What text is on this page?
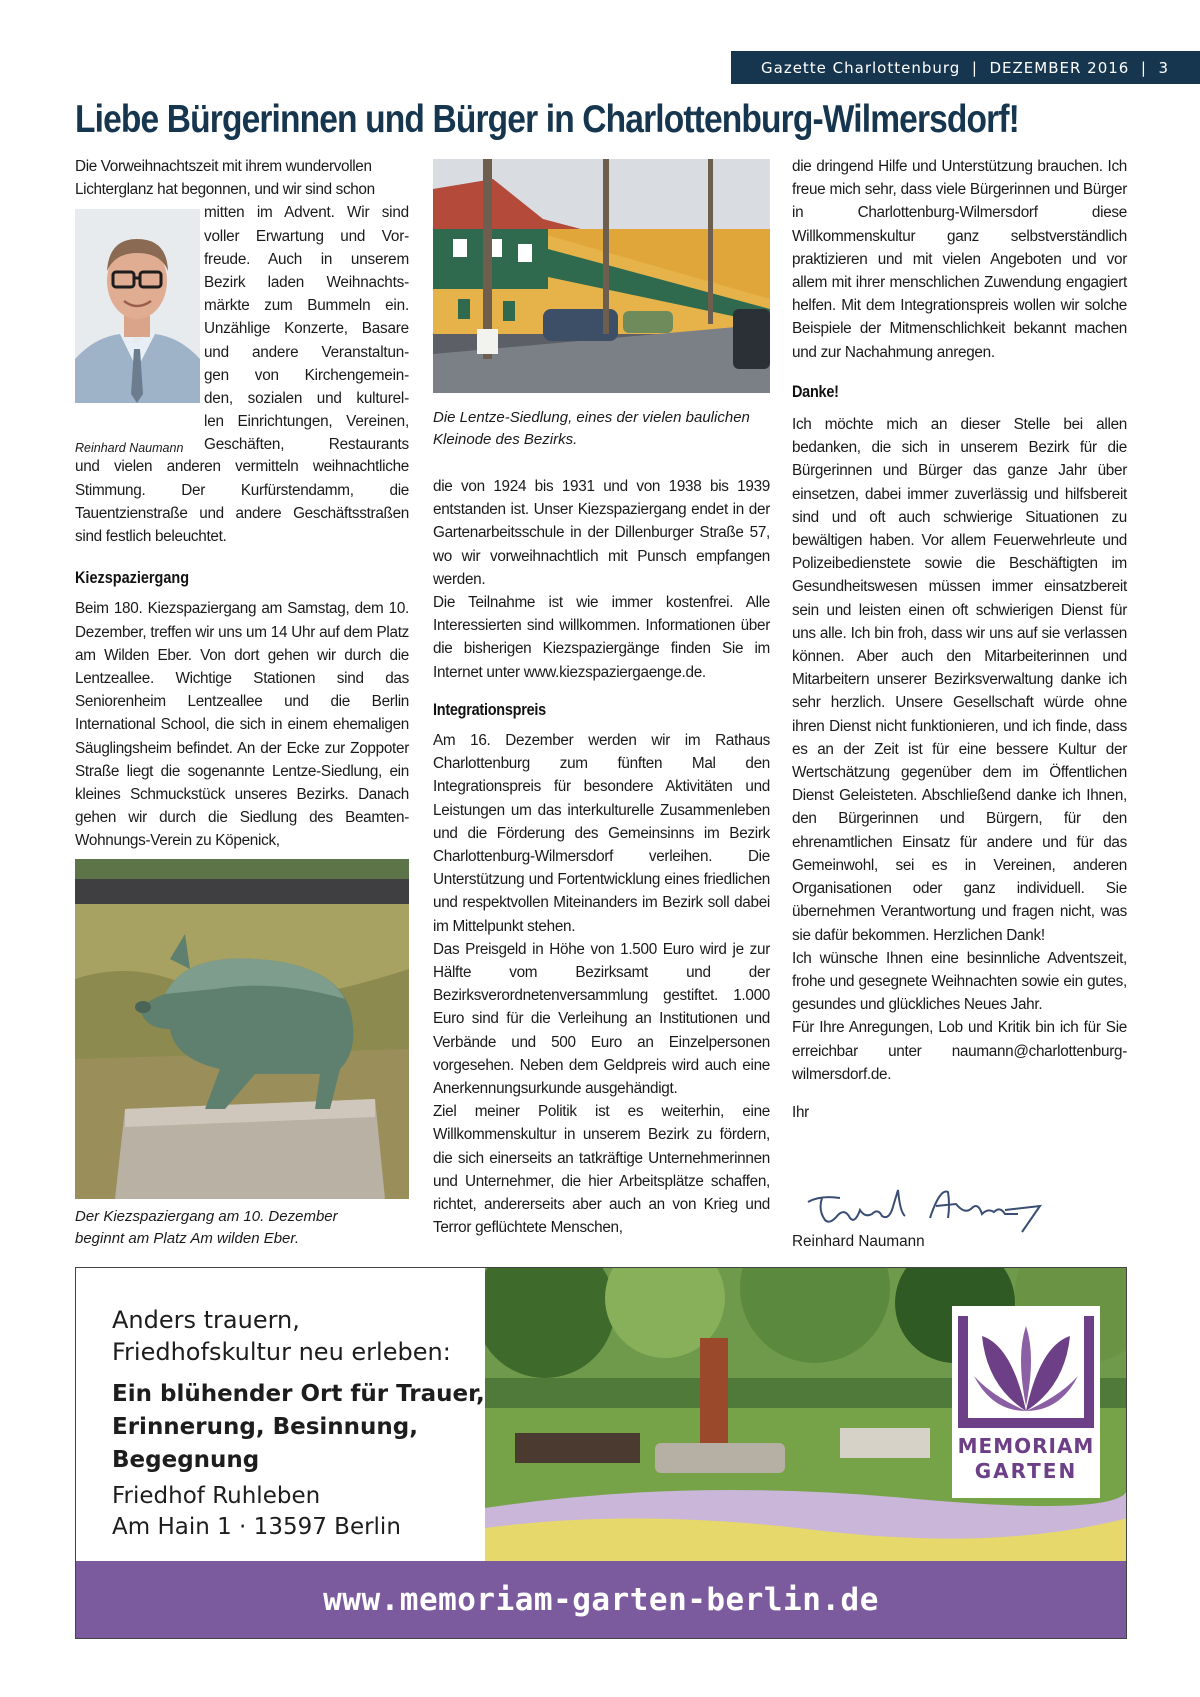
Gazette Charlottenburg
|
DEZEMBER 2016
|
3
Liebe Bürgerinnen und Bürger in Charlottenburg-Wilmersdorf!
Die Vorweihnachtszeit mit ihrem wundervollen
Lichterglanz hat begonnen, und wir sind schon
Reinhard Naumann
mitten im Advent. Wir sind
voller Erwartung und Vor-
freude. Auch in unserem
Bezirk laden Weihnachts-
märkte zum Bummeln ein.
Unzählige Konzerte, Basare
und andere Veranstaltun-
gen von Kirchengemein-
den, sozialen und kulturel-
len Einrichtungen, Vereinen,
Geschäften, Restaurants

und vielen anderen vermitteln weihnachtliche Stimmung. Der Kurfürstendamm, die Tauentzienstraße und andere Geschäftsstraßen sind festlich beleuchtet.

Kiezspaziergang

Beim 180. Kiezspaziergang am Samstag, dem 10. Dezember, treffen wir uns um 14 Uhr auf dem Platz am Wilden Eber. Von dort gehen wir durch die Lentzeallee. Wichtige Stationen sind das Seniorenheim Lentzeallee und die Berlin International School, die sich in einem ehemaligen Säuglingsheim befindet. An der Ecke zur Zoppoter Straße liegt die sogenannte Lentze-Siedlung, ein kleines Schmuckstück unseres Bezirks. Danach gehen wir durch die Siedlung des Beamten-Wohnungs-Verein zu Köpenick,

Der Kiezspaziergang am 10. Dezember beginnt am Platz Am wilden Eber.
Die Lentze-Siedlung, eines der vielen baulichen Kleinode des Bezirks.

die von 1924 bis 1931 und von 1938 bis 1939 entstanden ist. Unser Kiezspaziergang endet in der Gartenarbeitsschule in der Dillenburger Straße 57, wo wir vorweihnachtlich mit Punsch empfangen werden.

Die Teilnahme ist wie immer kostenfrei. Alle Interessierten sind willkommen. Informationen über die bisherigen Kiezspaziergänge finden Sie im Internet unter www.kiezspaziergaenge.de.

Integrationspreis

Am 16. Dezember werden wir im Rathaus Charlottenburg zum fünften Mal den Integrationspreis für besondere Aktivitäten und Leistungen um das interkulturelle Zusammenleben und die Förderung des Gemeinsinns im Bezirk Charlottenburg-Wilmersdorf verleihen. Die Unterstützung und Fortentwicklung eines friedlichen und respektvollen Miteinanders im Bezirk soll dabei im Mittelpunkt stehen.

Das Preisgeld in Höhe von 1.500 Euro wird je zur Hälfte vom Bezirksamt und der Bezirksverordnetenversammlung gestiftet. 1.000 Euro sind für die Verleihung an Institutionen und Verbände und 500 Euro an Einzelpersonen vorgesehen. Neben dem Geldpreis wird auch eine Anerkennungsurkunde ausgehändigt.

Ziel meiner Politik ist es weiterhin, eine Willkommenskultur in unserem Bezirk zu fördern, die sich einerseits an tatkräftige Unternehmerinnen und Unternehmer, die hier Arbeitsplätze schaffen, richtet, andererseits aber auch an von Krieg und Terror geflüchtete Menschen,

die dringend Hilfe und Unterstützung brauchen. Ich freue mich sehr, dass viele Bürgerinnen und Bürger in Charlottenburg-Wilmersdorf diese Willkommenskultur ganz selbstverständlich praktizieren und mit vielen Angeboten und vor allem mit ihrer menschlichen Zuwendung engagiert helfen. Mit dem Integrationspreis wollen wir solche Beispiele der Mitmenschlichkeit bekannt machen und zur Nachahmung anregen.

Danke!

Ich möchte mich an dieser Stelle bei allen bedanken, die sich in unserem Bezirk für die Bürgerinnen und Bürger das ganze Jahr über einsetzen, dabei immer zuverlässig und hilfsbereit sind und oft auch schwierige Situationen zu bewältigen haben. Vor allem Feuerwehrleute und Polizeibedienstete sowie die Beschäftigten im Gesundheitswesen müssen immer einsatzbereit sein und leisten einen oft schwierigen Dienst für uns alle. Ich bin froh, dass wir uns auf sie verlassen können. Aber auch den Mitarbeiterinnen und Mitarbeitern unserer Bezirksverwaltung danke ich sehr herzlich. Unsere Gesellschaft würde ohne ihren Dienst nicht funktionieren, und ich finde, dass es an der Zeit ist für eine bessere Kultur der Wertschätzung gegenüber dem im Öffentlichen Dienst Geleisteten. Abschließend danke ich Ihnen, den Bürgerinnen und Bürgern, für den ehrenamtlichen Einsatz für andere und für das Gemeinwohl, sei es in Vereinen, anderen Organisationen oder ganz individuell. Sie übernehmen Verantwortung und fragen nicht, was sie dafür bekommen. Herzlichen Dank!

Ich wünsche Ihnen eine besinnliche Adventszeit, frohe und gesegnete Weihnachten sowie ein gutes, gesundes und glückliches Neues Jahr.

Für Ihre Anregungen, Lob und Kritik bin ich für Sie erreichbar unter naumann@charlottenburg-wilmersdorf.de.

Ihr

Reinhard Naumann
MEMORIAM
GARTEN
Anders trauern,
Friedhofskultur neu erleben:
Ein blühender Ort für Trauer,
Erinnerung, Besinnung,
Begegnung
Friedhof Ruhleben
Am Hain 1 · 13597 Berlin
www.memoriam-garten-berlin.de
